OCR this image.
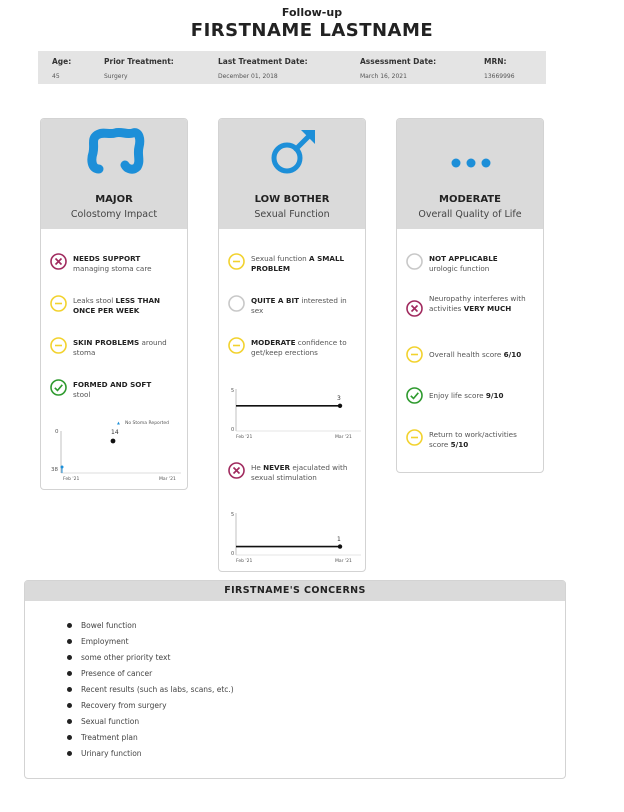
Follow-up
FIRSTNAME LASTNAME
Age:
45
Prior Treatment:
Surgery
Last Treatment Date:
December 01, 2018
Assessment Date:
March 16, 2021
MRN:
13669996
MAJOR
Colostomy Impact
NEEDS SUPPORT
managing stoma care
Leaks stool LESS THAN ONCE PER WEEK
SKIN PROBLEMS around stoma
FORMED AND SOFT
stool
0
38
▲ No Stoma Reported
14
Feb '21	Mar '21
LOW BOTHER
Sexual Function
Sexual function A SMALL PROBLEM
QUITE A BIT interested in sex
MODERATE confidence to get/keep erections
5
0
3
Feb '21	Mar '21
He NEVER ejaculated with sexual stimulation
5
0
1
Feb '21	Mar '21
MODERATE
Overall Quality of Life
NOT APPLICABLE
urologic function
Neuropathy interferes with activities VERY MUCH
Overall health score 6/10
Enjoy life score 9/10
Return to work/activities score 5/10
FIRSTNAME'S CONCERNS
Bowel function
Employment
some other priority text
Presence of cancer
Recent results (such as labs, scans, etc.)
Recovery from surgery
Sexual function
Treatment plan
Urinary function
